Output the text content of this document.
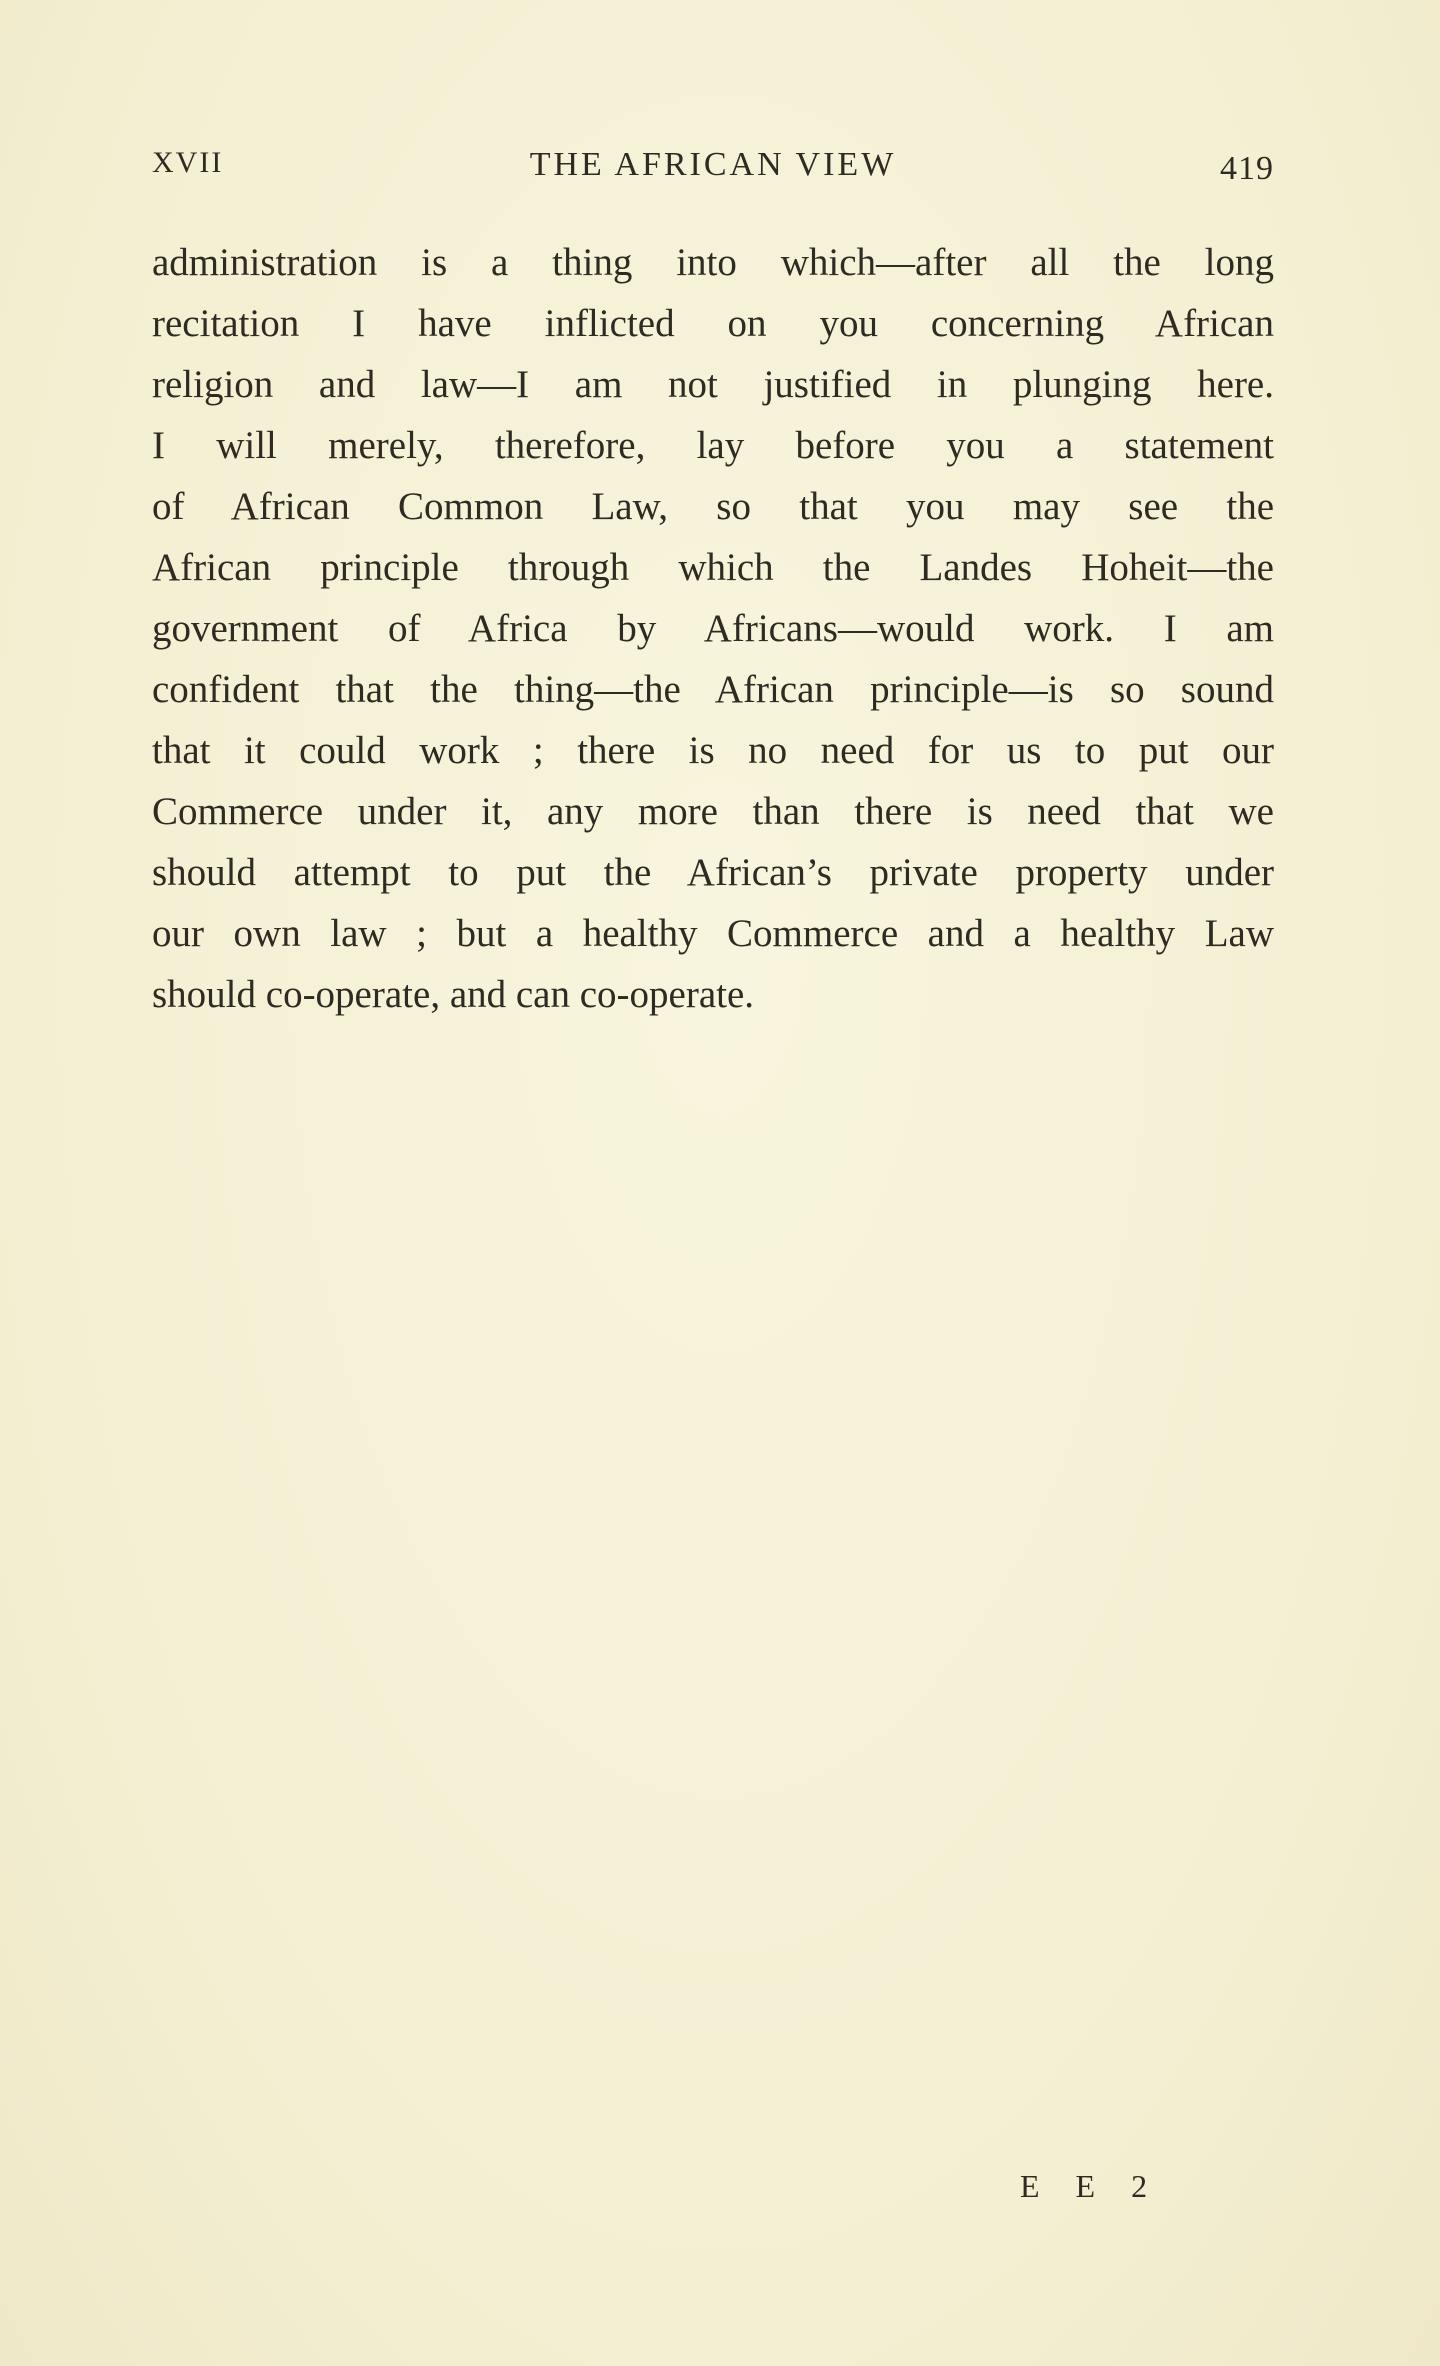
XVII	THE AFRICAN VIEW	419
administration is a thing into which—after all the long
recitation I have inflicted on you concerning African
religion and law—I am not justified in plunging here.
I will merely, therefore, lay before you a statement
of African Common Law, so that you may see the
African principle through which the Landes Hoheit—the
government of Africa by Africans—would work. I am
confident that the thing—the African principle—is so sound
that it could work ; there is no need for us to put our
Commerce under it, any more than there is need that we
should attempt to put the African’s private property under
our own law ; but a healthy Commerce and a healthy Law
should co-operate, and can co-operate.
E E 2
